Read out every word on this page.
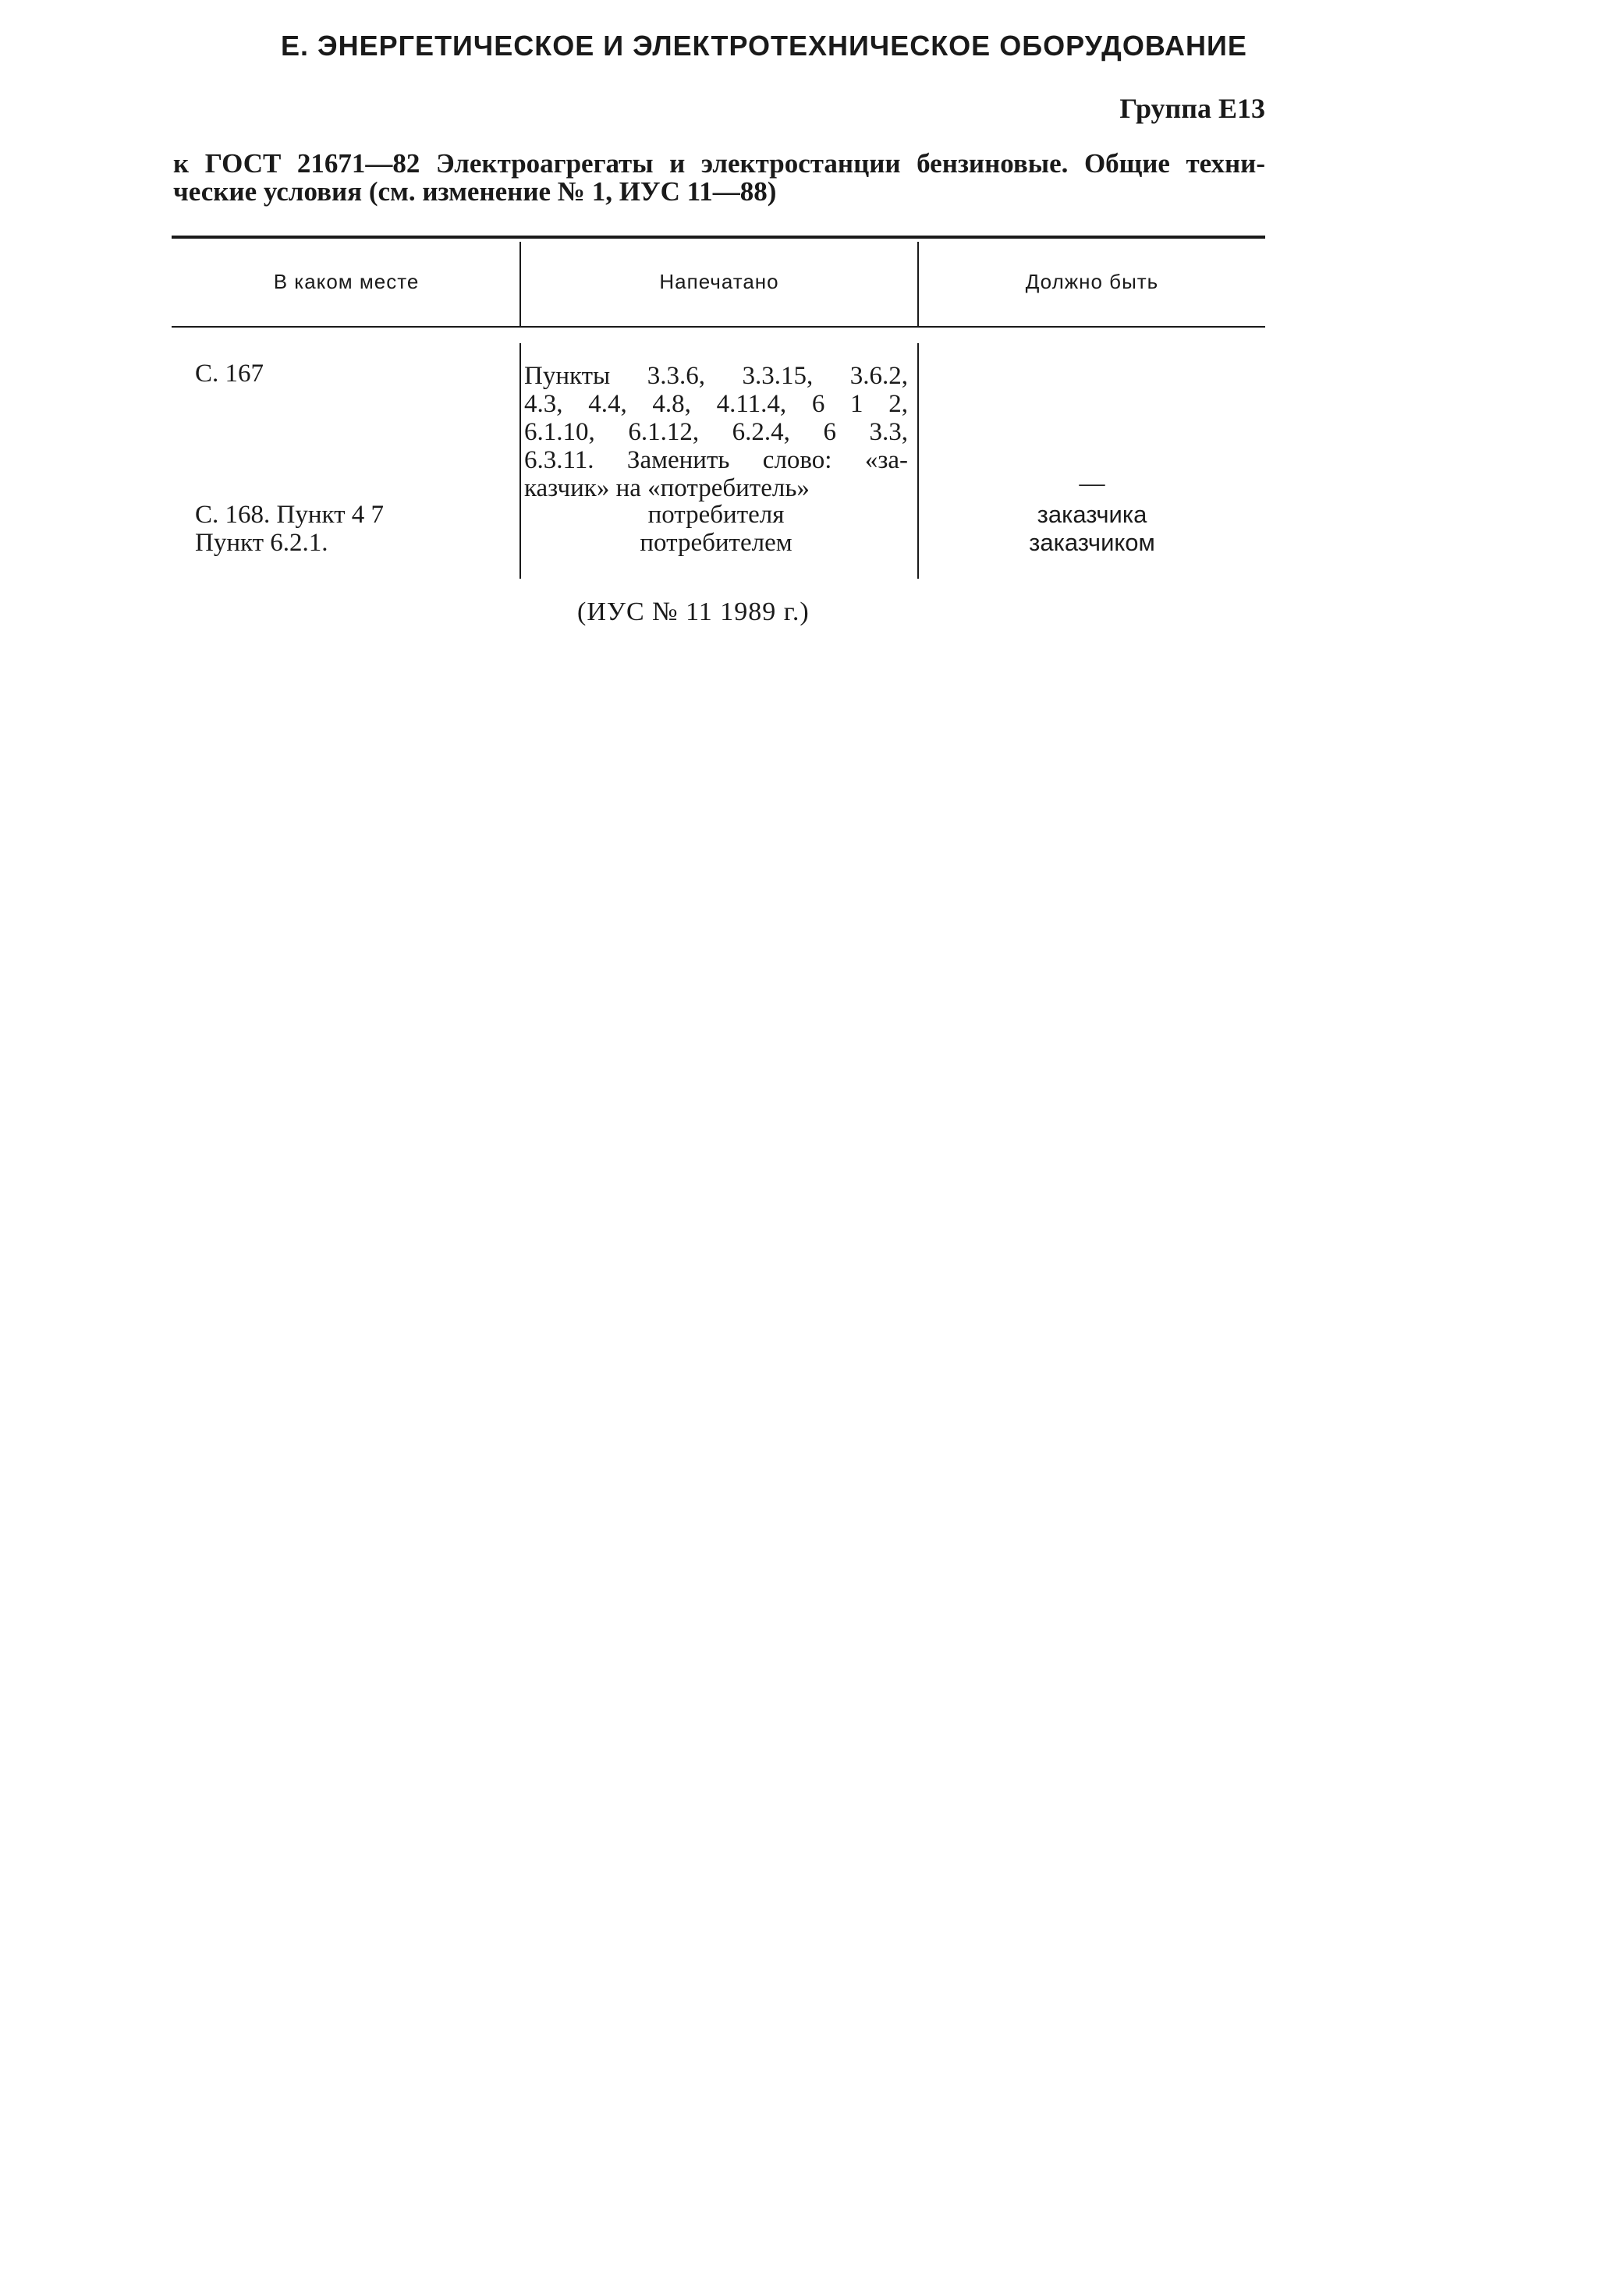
Е. ЭНЕРГЕТИЧЕСКОЕ И ЭЛЕКТРОТЕХНИЧЕСКОЕ ОБОРУДОВАНИЕ
Группа Е13
к ГОСТ 21671—82 Электроагрегаты и электростанции бензиновые. Общие техни-
ческие условия (см. изменение № 1, ИУС 11—88)
В каком месте	Напечатано	Должно быть
С. 167	Пункты 3.3.6, 3.3.15, 3.6.2,
4.3, 4.4, 4.8, 4.11.4, 6 1 2,
6.1.10, 6.1.12, 6.2.4, 6 3.3,
6.3.11. Заменить слово: «за-
казчик» на «потребитель»	—
С. 168. Пункт 4 7	потребителя	заказчика
Пункт 6.2.1.	потребителем	заказчиком
(ИУС № 11 1989 г.)
